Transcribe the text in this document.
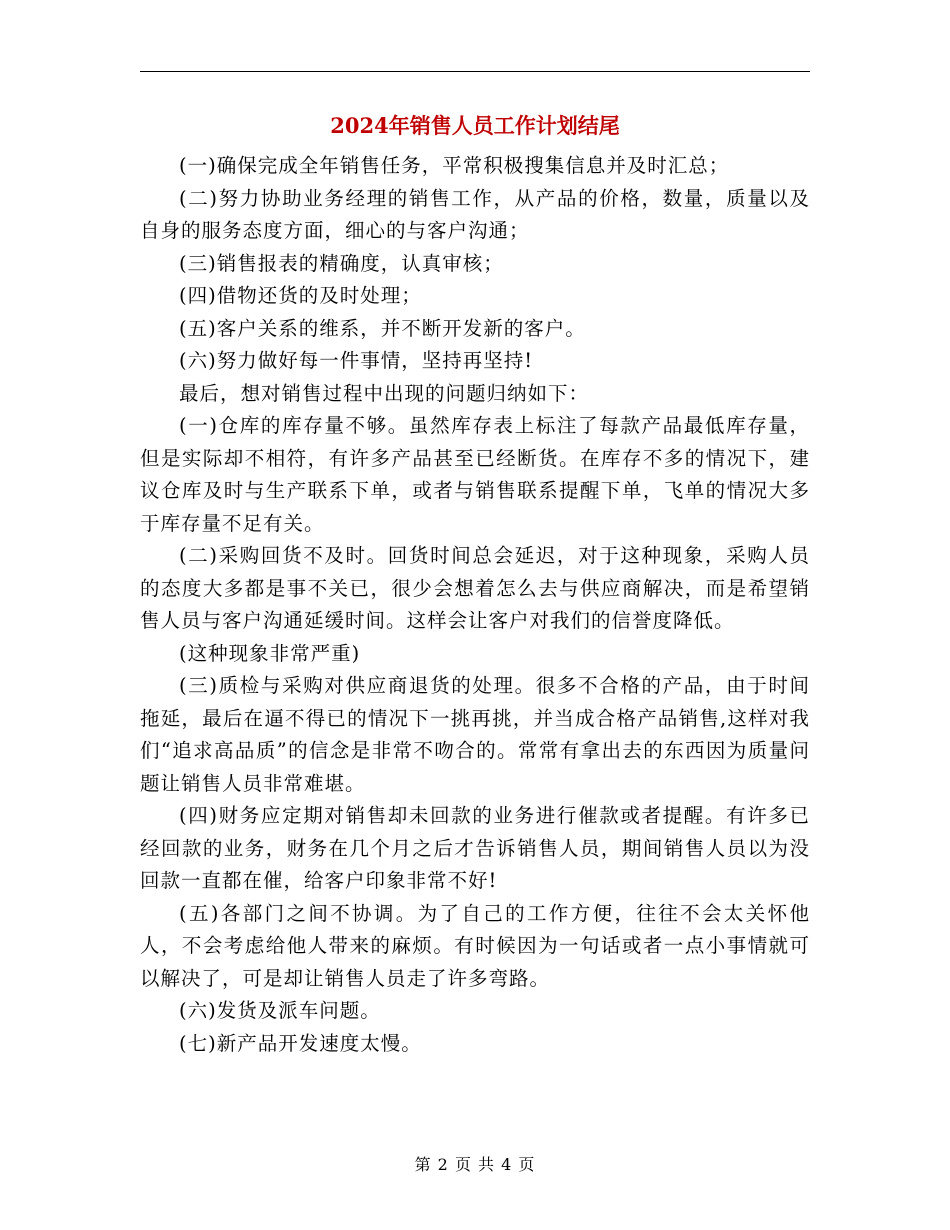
2024年销售人员工作计划结尾

(一)确保完成全年销售任务，平常积极搜集信息并及时汇总；

(二)努力协助业务经理的销售工作，从产品的价格，数量，质量以及自身的服务态度方面，细心的与客户沟通；

(三)销售报表的精确度，认真审核；

(四)借物还货的及时处理；

(五)客户关系的维系，并不断开发新的客户。

(六)努力做好每一件事情，坚持再坚持!

最后，想对销售过程中出现的问题归纳如下：

(一)仓库的库存量不够。虽然库存表上标注了每款产品最低库存量，但是实际却不相符，有许多产品甚至已经断货。在库存不多的情况下，建议仓库及时与生产联系下单，或者与销售联系提醒下单，飞单的情况大多于库存量不足有关。

(二)采购回货不及时。回货时间总会延迟，对于这种现象，采购人员的态度大多都是事不关已，很少会想着怎么去与供应商解决，而是希望销售人员与客户沟通延缓时间。这样会让客户对我们的信誉度降低。

(这种现象非常严重)

(三)质检与采购对供应商退货的处理。很多不合格的产品，由于时间拖延，最后在逼不得已的情况下一挑再挑，并当成合格产品销售,这样对我们“追求高品质”的信念是非常不吻合的。常常有拿出去的东西因为质量问题让销售人员非常难堪。

(四)财务应定期对销售却未回款的业务进行催款或者提醒。有许多已经回款的业务，财务在几个月之后才告诉销售人员，期间销售人员以为没回款一直都在催，给客户印象非常不好!

(五)各部门之间不协调。为了自己的工作方便，往往不会太关怀他人，不会考虑给他人带来的麻烦。有时候因为一句话或者一点小事情就可以解决了，可是却让销售人员走了许多弯路。

(六)发货及派车问题。

(七)新产品开发速度太慢。

第 2 页 共 4 页
